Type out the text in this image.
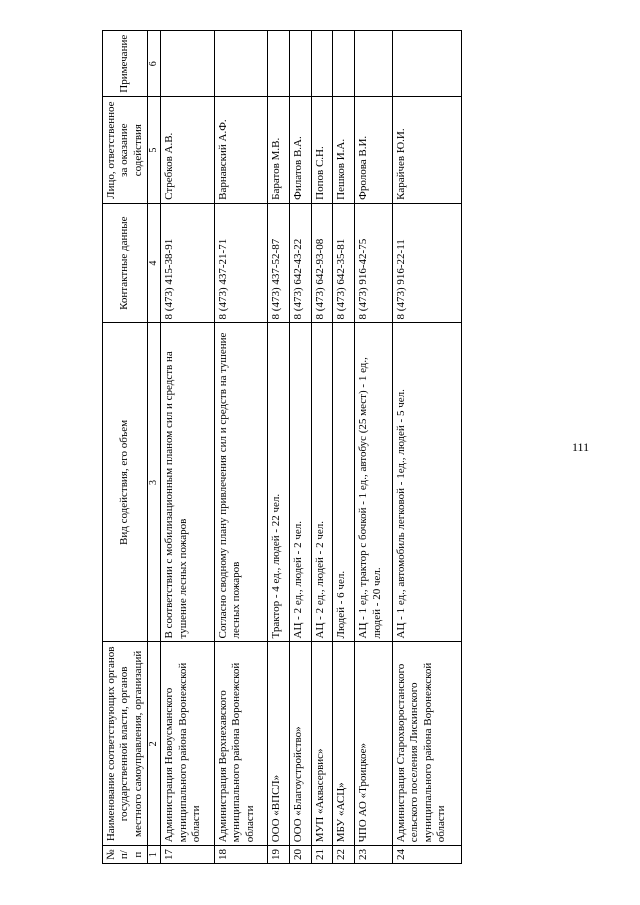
111
№ п/п	Наименование соответствующих органов государственной власти, органов местного самоуправления, организаций	Вид содействия, его объем	Контактные данные	Лицо, ответственное за оказание содействия	Примечание
1	2	3	4	5	6
17	Администрация Новоусманского муниципального района Воронежской области	В соответствии с мобилизационным планом сил и средств на тушение лесных пожаров	8 (473) 415-38-91	Стребков А.В.	
18	Администрация Верхнехавского муниципального района Воронежской области	Согласно сводному плану привлечения сил и средств на тушение лесных пожаров	8 (473) 437-21-71	Варнавский А.Ф.	
19	ООО «ВПСЛ»	Трактор - 4 ед., людей - 22 чел.	8 (473) 437-52-87	Баратов М.В.	
20	ООО «Благоустройство»	АЦ - 2 ед., людей - 2 чел.	8 (473) 642-43-22	Филатов В.А.	
21	МУП «Аквасервис»	АЦ - 2 ед., людей - 2 чел.	8 (473) 642-93-08	Попов С.Н.	
22	МБУ «АСЦ»	Людей - 6 чел.	8 (473) 642-35-81	Пешков И.А.	
23	ЧПО АО «Троицкое»	АЦ - 1 ед., трактор с бочкой - 1 ед., автобус (25 мест) - 1 ед., людей - 20 чел.	8 (473) 916-42-75	Фролова В.И.	
24	Администрация Старохворостанского сельского поселения Лискинского муниципального района Воронежской области	АЦ - 1 ед., автомобиль легковой - 1ед., людей - 5 чел.	8 (473) 916-22-11	Карайчев Ю.И.	
